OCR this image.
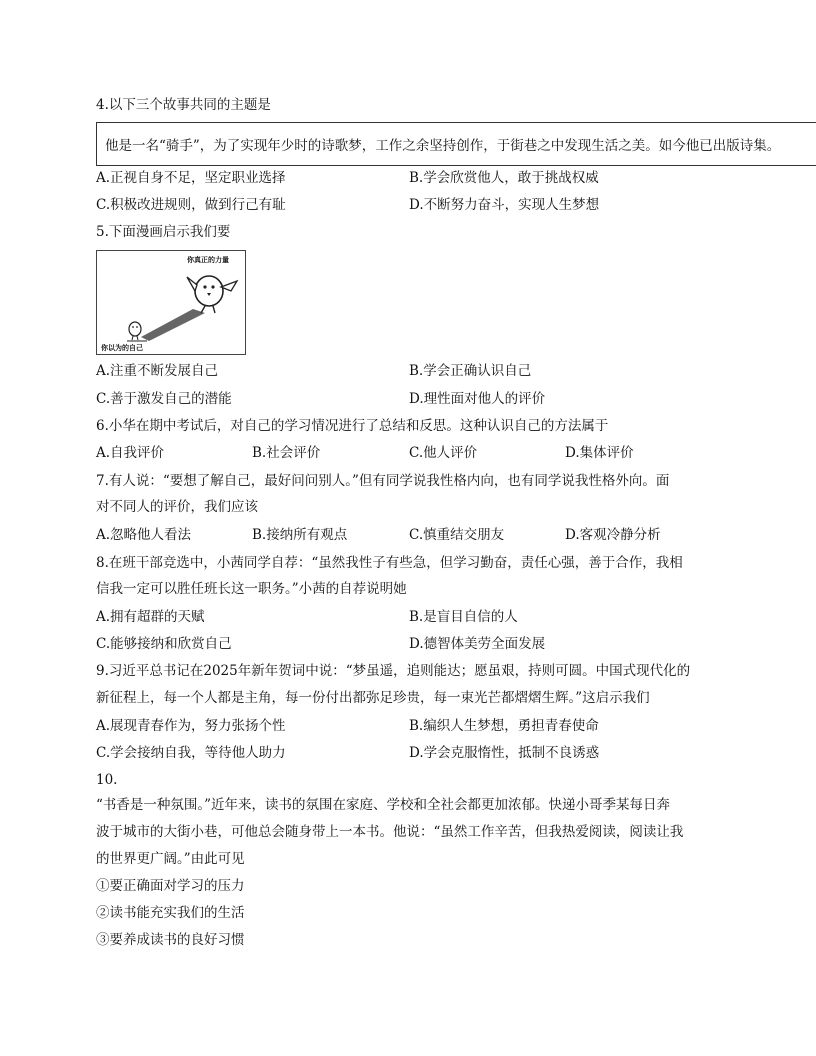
4.以下三个故事共同的主题是
他是一名“骑手”，为了实现年少时的诗歌梦，工作之余坚持创作，于街巷之中发现生活之美。如今他已出版诗集。
A.正视自身不足，坚定职业选择	B.学会欣赏他人，敢于挑战权威
C.积极改进规则，做到行己有耻	D.不断努力奋斗，实现人生梦想
5.下面漫画启示我们要
你真正的力量
你以为的自己
A.注重不断发展自己	B.学会正确认识自己
C.善于激发自己的潜能	D.理性面对他人的评价
6.小华在期中考试后，对自己的学习情况进行了总结和反思。这种认识自己的方法属于
A.自我评价	B.社会评价	C.他人评价	D.集体评价
7.有人说：“要想了解自己，最好问问别人。”但有同学说我性格内向，也有同学说我性格外向。面
对不同人的评价，我们应该
A.忽略他人看法	B.接纳所有观点	C.慎重结交朋友	D.客观冷静分析
8.在班干部竞选中，小茜同学自荐：“虽然我性子有些急，但学习勤奋，责任心强，善于合作，我相
信我一定可以胜任班长这一职务。”小茜的自荐说明她
A.拥有超群的天赋	B.是盲目自信的人
C.能够接纳和欣赏自己	D.德智体美劳全面发展
9.习近平总书记在2025年新年贺词中说：“梦虽遥，追则能达；愿虽艰，持则可圆。中国式现代化的
新征程上，每一个人都是主角，每一份付出都弥足珍贵，每一束光芒都熠熠生辉。”这启示我们
A.展现青春作为，努力张扬个性	B.编织人生梦想，勇担青春使命
C.学会接纳自我，等待他人助力	D.学会克服惰性，抵制不良诱惑
10.
“书香是一种氛围。”近年来，读书的氛围在家庭、学校和全社会都更加浓郁。快递小哥季某每日奔
波于城市的大街小巷，可他总会随身带上一本书。他说：“虽然工作辛苦，但我热爱阅读，阅读让我
的世界更广阔。”由此可见
①要正确面对学习的压力
②读书能充实我们的生活
③要养成读书的良好习惯
